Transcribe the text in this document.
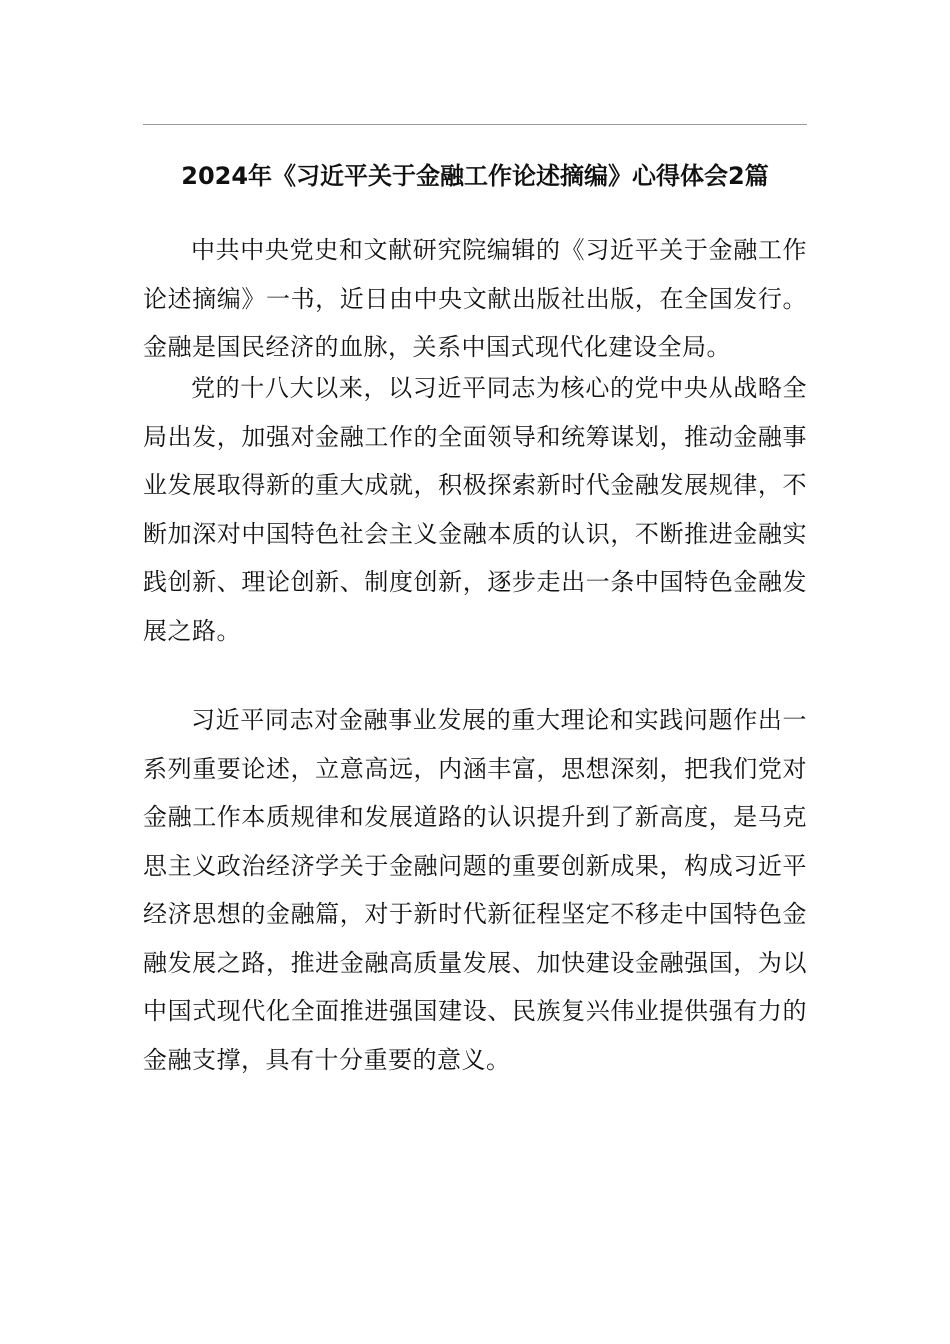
2024年《习近平关于金融工作论述摘编》心得体会2篇

中共中央党史和文献研究院编辑的《习近平关于金融工作论述摘编》一书，近日由中央文献出版社出版，在全国发行。金融是国民经济的血脉，关系中国式现代化建设全局。

党的十八大以来，以习近平同志为核心的党中央从战略全局出发，加强对金融工作的全面领导和统筹谋划，推动金融事业发展取得新的重大成就，积极探索新时代金融发展规律，不断加深对中国特色社会主义金融本质的认识，不断推进金融实践创新、理论创新、制度创新，逐步走出一条中国特色金融发展之路。

习近平同志对金融事业发展的重大理论和实践问题作出一系列重要论述，立意高远，内涵丰富，思想深刻，把我们党对金融工作本质规律和发展道路的认识提升到了新高度，是马克思主义政治经济学关于金融问题的重要创新成果，构成习近平经济思想的金融篇，对于新时代新征程坚定不移走中国特色金融发展之路，推进金融高质量发展、加快建设金融强国，为以中国式现代化全面推进强国建设、民族复兴伟业提供强有力的金融支撑，具有十分重要的意义。
